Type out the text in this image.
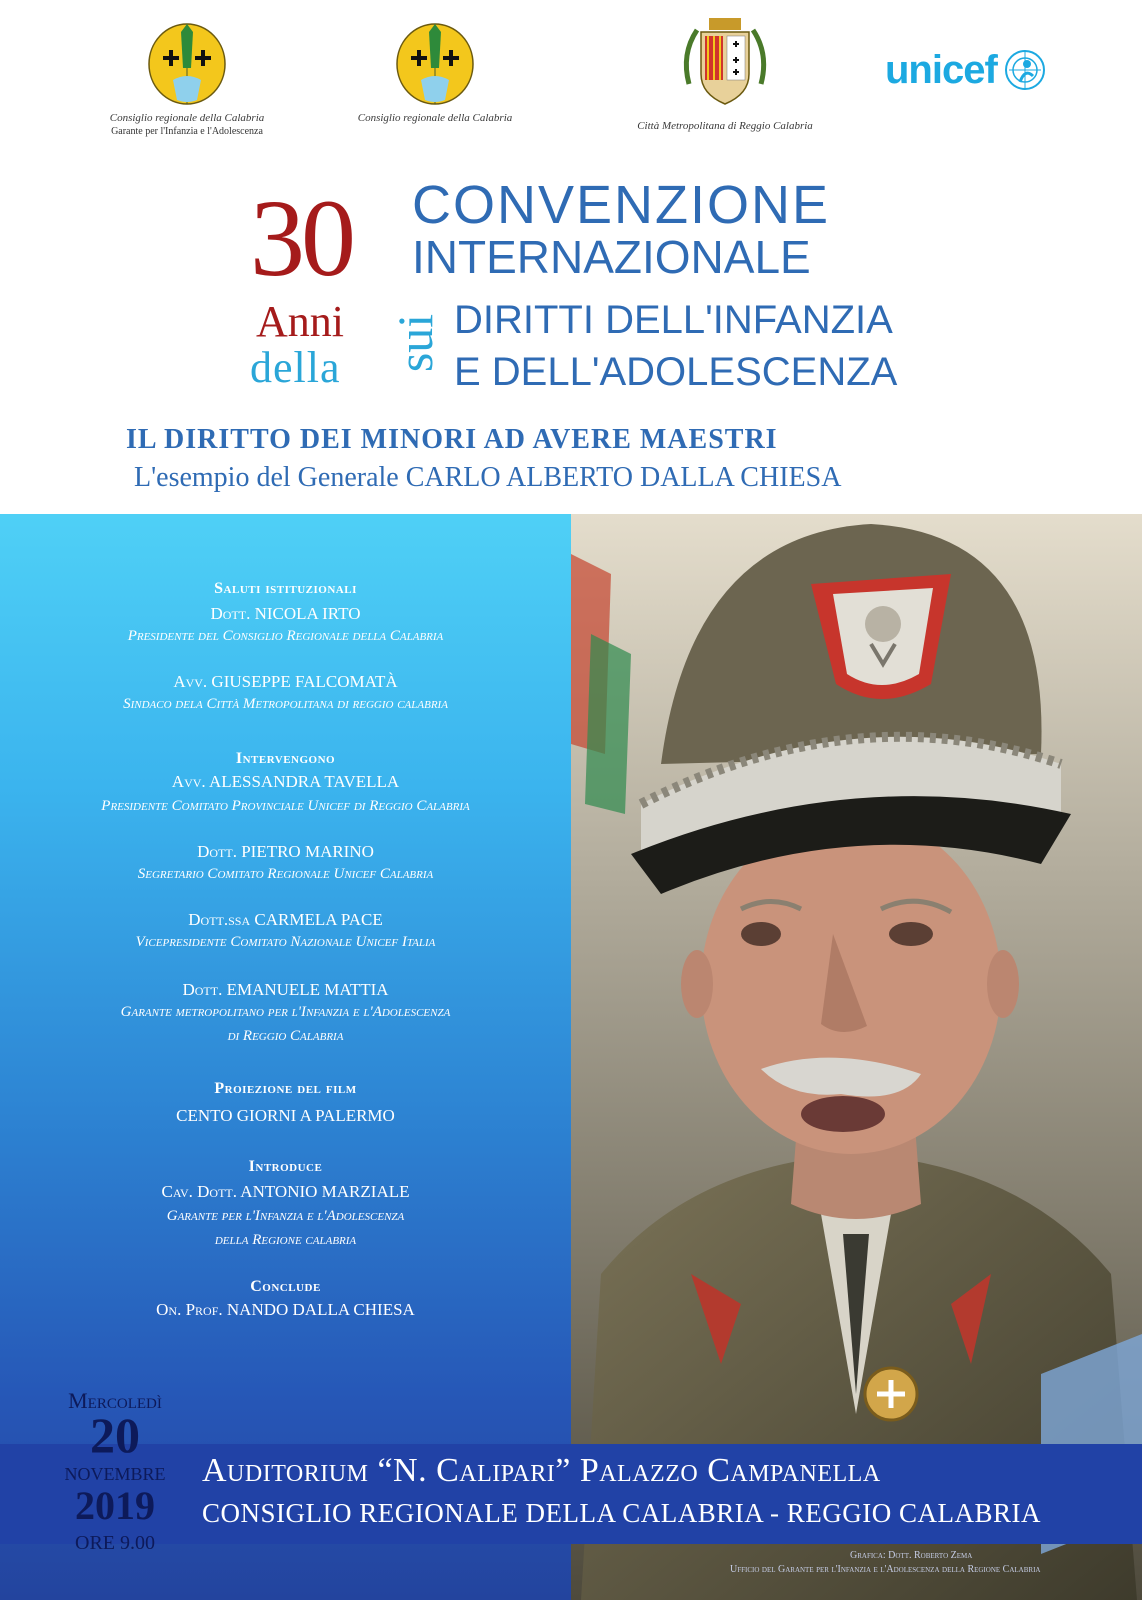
Consiglio regionale della Calabria
Garante per l'Infanzia e l'Adolescenza
Consiglio regionale della Calabria
Città Metropolitana di Reggio Calabria
unicef
30
Anni
della sui
CONVENZIONE
INTERNAZIONALE
DIRITTI DELL'INFANZIA
E DELL'ADOLESCENZA
IL DIRITTO DEI MINORI AD AVERE MAESTRI
L'esempio del Generale CARLO ALBERTO DALLA CHIESA
Saluti istituzionali
Dott. NICOLA IRTO
Presidente del Consiglio Regionale della Calabria
Avv. GIUSEPPE FALCOMATÀ
Sindaco dela Città Metropolitana di reggio calabria
Intervengono
Avv. ALESSANDRA TAVELLA
Presidente Comitato Provinciale Unicef di Reggio Calabria
Dott. PIETRO MARINO
Segretario Comitato Regionale Unicef Calabria
Dott.ssa CARMELA PACE
Vicepresidente Comitato Nazionale Unicef Italia
Dott. EMANUELE MATTIA
Garante metropolitano per l'Infanzia e l'Adolescenza
di Reggio Calabria
Proiezione del film
CENTO GIORNI A PALERMO
Introduce
Cav. Dott. ANTONIO MARZIALE
Garante per l'Infanzia e l'Adolescenza
della Regione calabria
Conclude
On. Prof. NANDO DALLA CHIESA
Mercoledì
20
NOVEMBRE
2019
ORE 9.00
Auditorium “N. Calipari” Palazzo Campanella
CONSIGLIO REGIONALE DELLA CALABRIA - REGGIO CALABRIA
Grafica: Dott. Roberto Zema
Ufficio del Garante per l'Infanzia e l'Adolescenza della Regione Calabria
